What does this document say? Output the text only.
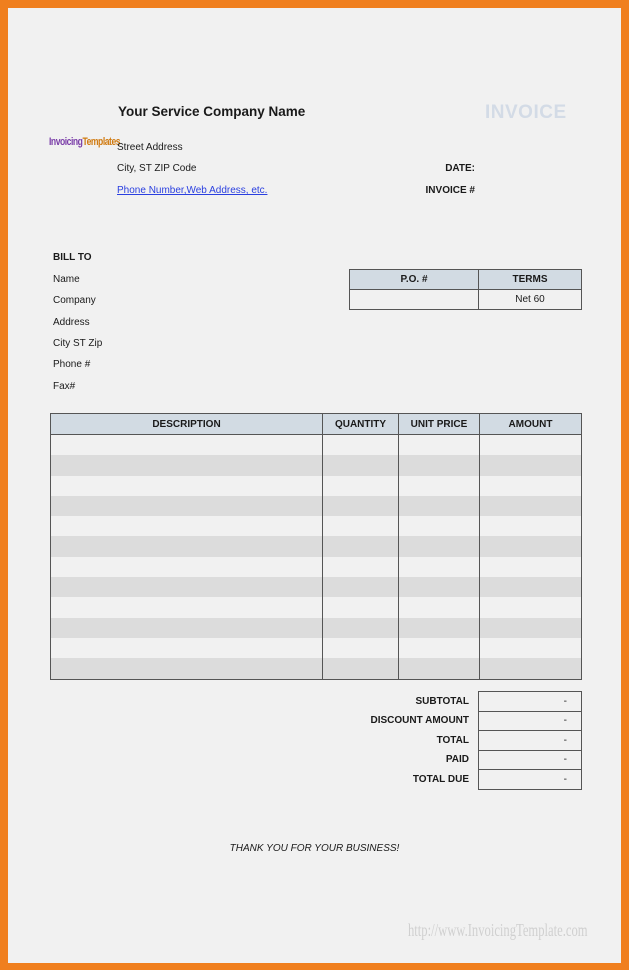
Your Service Company Name	INVOICE
InvoicingTemplates
Street Address
City, ST ZIP Code
Phone Number,Web Address, etc.
DATE:
INVOICE #
BILL TO
Name
Company
Address
City ST Zip
Phone #
Fax#
P.O. #	TERMS
	Net 60
DESCRIPTION	QUANTITY	UNIT PRICE	AMOUNT

SUBTOTAL	-
DISCOUNT AMOUNT	-
TOTAL	-
PAID	-
TOTAL DUE	-
THANK YOU FOR YOUR BUSINESS!
http://www.InvoicingTemplate.com
